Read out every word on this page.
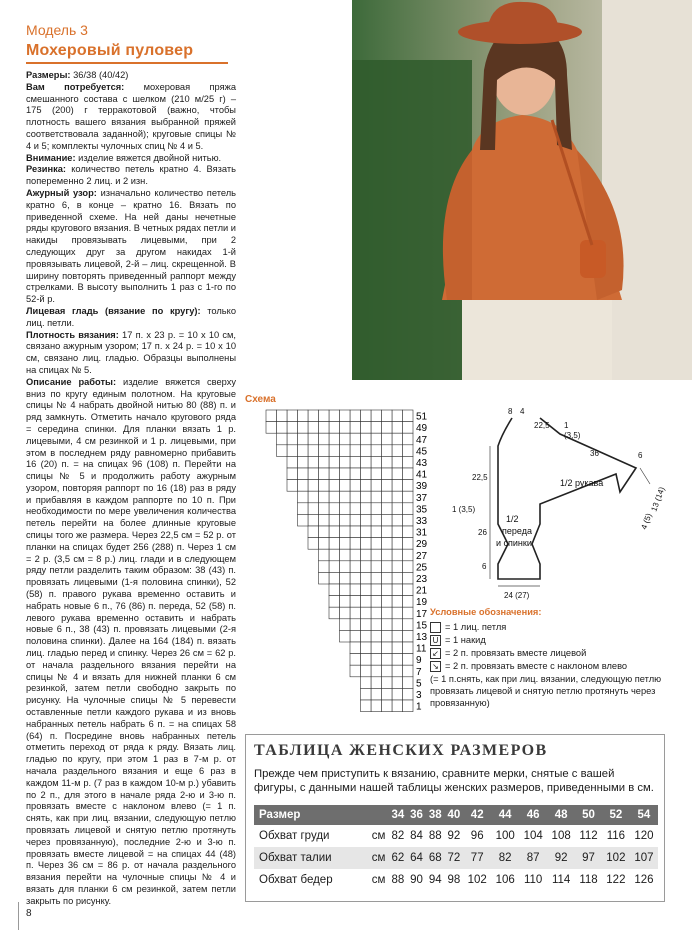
Модель 3
Мохеровый пуловер

Размеры: 36/38 (40/42)

Вам потребуется: мохеровая пряжа смешанного состава с шелком (210 м/25 г) – 175 (200) г терракотовой (важно, чтобы плотность вашего вязания выбранной пряжей соответствовала заданной); круговые спицы № 4 и 5; комплекты чулочных спиц № 4 и 5.

Внимание: изделие вяжется двойной нитью.

Резинка: количество петель кратно 4. Вязать попеременно 2 лиц. и 2 изн.

Ажурный узор: изначально количество петель кратно 6, в конце – кратно 16. Вязать по приведенной схеме. На ней даны нечетные ряды кругового вязания. В четных рядах петли и накиды провязывать лицевыми, при 2 следующих друг за другом накидах 1-й провязывать лицевой, 2-й – лиц. скрещенной. В ширину повторять приведенный раппорт между стрелками. В высоту выполнить 1 раз с 1-го по 52-й р.

Лицевая гладь (вязание по кругу): только лиц. петли.

Плотность вязания: 17 п. х 23 р. = 10 х 10 см, связано ажурным узором; 17 п. х 24 р. = 10 х 10 см, связано лиц. гладью. Образцы выполнены на спицах № 5.

Описание работы: изделие вяжется сверху вниз по кругу единым полотном. На круговые спицы № 4 набрать двойной нитью 80 (88) п. и ряд замкнуть. Отметить начало кругового ряда = середина спинки. Для планки вязать 1 р. лицевыми, 4 см резинкой и 1 р. лицевыми, при этом в последнем ряду равномерно прибавить 16 (20) п. = на спицах 96 (108) п. Перейти на спицы № 5 и продолжить работу ажурным узором, повторяя раппорт по 16 (18) раз в ряду и прибавляя в каждом раппорте по 10 п. При необходимости по мере увеличения количества петель перейти на более длинные круговые спицы того же размера. Через 22,5 см = 52 р. от планки на спицах будет 256 (288) п. Через 1 см = 2 р. (3,5 см = 8 р.) лиц. глади и в следующем ряду петли разделить таким образом: 38 (43) п. провязать лицевыми (1-я половина спинки), 52 (58) п. правого рукава временно оставить и набрать новые 6 п., 76 (86) п. переда, 52 (58) п. левого рукава временно оставить и набрать новые 6 п., 38 (43) п. провязать лицевыми (2-я половина спинки). Далее на 164 (184) п. вязать лиц. гладью перед и спинку. Через 26 см = 62 р. от начала раздельного вязания перейти на спицы № 4 и вязать для нижней планки 6 см резинкой, затем петли свободно закрыть по рисунку. На чулочные спицы № 5 перевести оставленные петли каждого рукава и из вновь набранных петель набрать 6 п. = на спицах 58 (64) п. Посредине вновь набранных петель отметить переход от ряда к ряду. Вязать лиц. гладью по кругу, при этом 1 раз в 7-м р. от начала раздельного вязания и еще 6 раз в каждом 11-м р. (7 раз в каждом 10-м р.) убавить по 2 п., для этого в начале ряда 2-ю и 3-ю п. провязать вместе с наклоном влево (= 1 п. снять, как при лиц. вязании, следующую петлю провязать лицевой и снятую петлю протянуть через провязанную), последние 2-ю и 3-ю п. провязать вместе лицевой = на спицах 44 (48) п. Через 36 см = 86 р. от начала раздельного вязания перейти на чулочные спицы № 4 и вязать для планки 6 см резинкой, затем петли закрыть по рисунку.

Схема
51
49
47
45
43
41
39
37
35
33
31
29
27
25
23
21
19
17
15
13
11
9
7
5
3
1
8 4
22,5 1
(3,5)
36	6
22,5
1 (3,5)
26
6
24 (27)
4 (5)
13 (14)
1/2 рукава
1/2
переда
и спинки
Условные обозначения:
= 1 лиц. петля
U = 1 накид
↙ = 2 п. провязать вместе лицевой
↘ = 2 п. провязать вместе с наклоном влево
(= 1 п.снять, как при лиц. вязании, следующую петлю провязать лицевой и снятую петлю протянуть через провязанную)
ТАБЛИЦА ЖЕНСКИХ РАЗМЕРОВ
Прежде чем приступить к вязанию, сравните мерки, снятые с вашей фигуры, с данными нашей таблицы женских размеров, приведенными в см.
Размер		34	36	38	40	42	44	46	48	50	52	54
Обхват груди	см	82	84	88	92	96	100	104	108	112	116	120
Обхват талии	см	62	64	68	72	77	82	87	92	97	102	107
Обхват бедер	см	88	90	94	98	102	106	110	114	118	122	126
8
